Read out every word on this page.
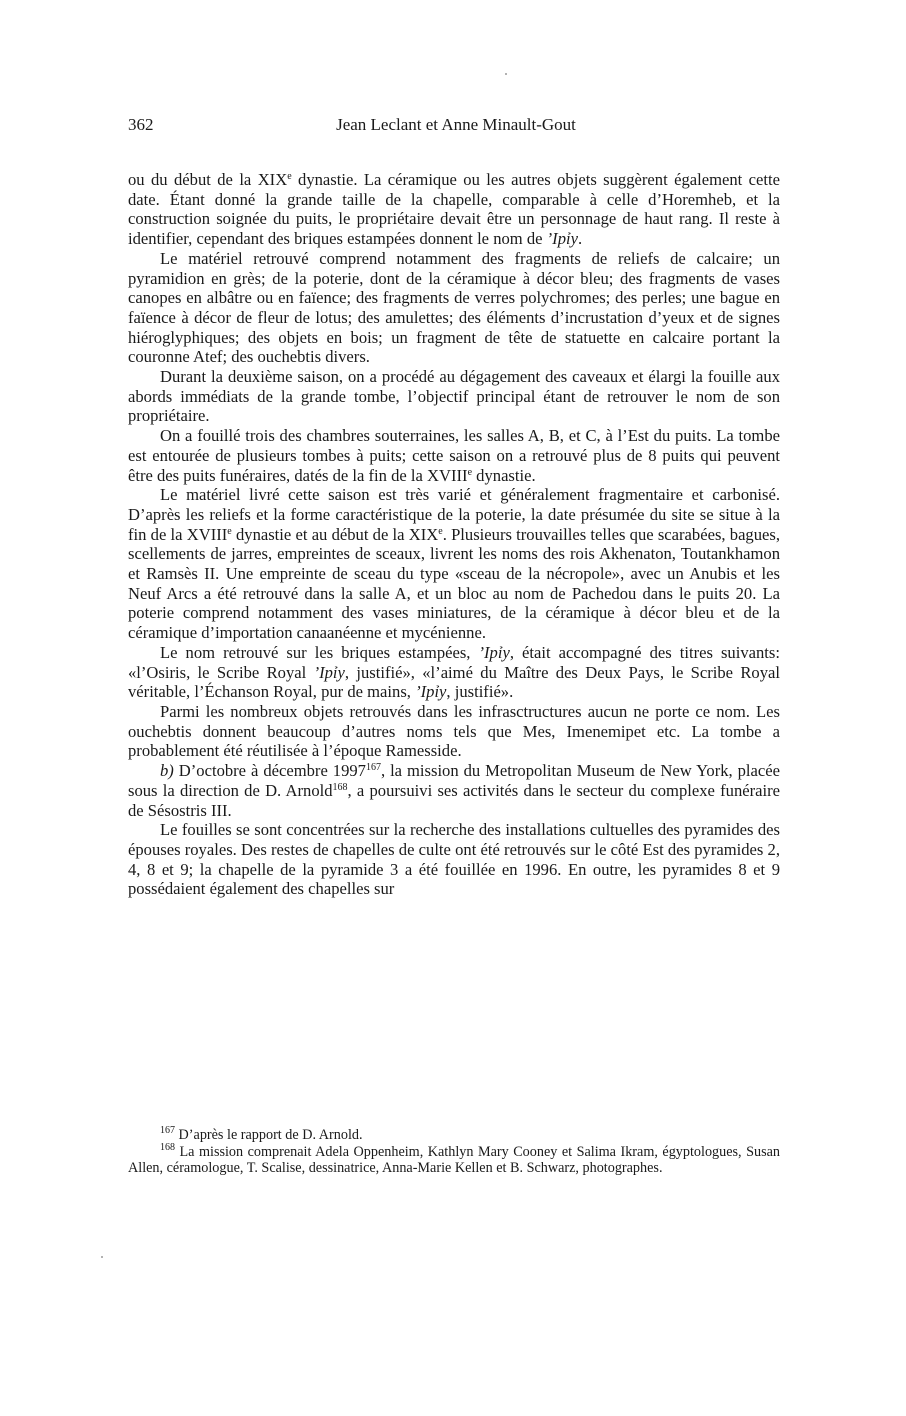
362	Jean Leclant et Anne Minault-Gout

ou du début de la XIXe dynastie. La céramique ou les autres objets suggèrent également cette date. Étant donné la grande taille de la chapelle, comparable à celle d’Horemheb, et la construction soignée du puits, le propriétaire devait être un personnage de haut rang. Il reste à identifier, cependant des briques estampées donnent le nom de ’Ipỉy.

Le matériel retrouvé comprend notamment des fragments de reliefs de calcaire; un pyramidion en grès; de la poterie, dont de la céramique à décor bleu; des fragments de vases canopes en albâtre ou en faïence; des fragments de verres polychromes; des perles; une bague en faïence à décor de fleur de lotus; des amulettes; des éléments d’incrustation d’yeux et de signes hiéroglyphiques; des objets en bois; un fragment de tête de statuette en calcaire portant la couronne Atef; des ouchebtis divers.

Durant la deuxième saison, on a procédé au dégagement des caveaux et élargi la fouille aux abords immédiats de la grande tombe, l’objectif principal étant de retrouver le nom de son propriétaire.

On a fouillé trois des chambres souterraines, les salles A, B, et C, à l’Est du puits. La tombe est entourée de plusieurs tombes à puits; cette saison on a retrouvé plus de 8 puits qui peuvent être des puits funéraires, datés de la fin de la XVIIIe dynastie.

Le matériel livré cette saison est très varié et généralement fragmentaire et carbonisé. D’après les reliefs et la forme caractéristique de la poterie, la date présumée du site se situe à la fin de la XVIIIe dynastie et au début de la XIXe. Plusieurs trouvailles telles que scarabées, bagues, scellements de jarres, empreintes de sceaux, livrent les noms des rois Akhenaton, Toutankhamon et Ramsès II. Une empreinte de sceau du type «sceau de la nécropole», avec un Anubis et les Neuf Arcs a été retrouvé dans la salle A, et un bloc au nom de Pachedou dans le puits 20. La poterie comprend notamment des vases miniatures, de la céramique à décor bleu et de la céramique d’importation canaanéenne et mycénienne.

Le nom retrouvé sur les briques estampées, ’Ipỉy, était accompagné des titres suivants: «l’Osiris, le Scribe Royal ’Ipỉy, justifié», «l’aimé du Maître des Deux Pays, le Scribe Royal véritable, l’Échanson Royal, pur de mains, ’Ipỉy, justifié».

Parmi les nombreux objets retrouvés dans les infrasctructures aucun ne porte ce nom. Les ouchebtis donnent beaucoup d’autres noms tels que Mes, Imenemipet etc. La tombe a probablement été réutilisée à l’époque Ramesside.

b) D’octobre à décembre 1997$^{167}$, la mission du Metropolitan Museum de New York, placée sous la direction de D. Arnold$^{168}$, a poursuivi ses activités dans le secteur du complexe funéraire de Sésostris III.

Le fouilles se sont concentrées sur la recherche des installations cultuelles des pyramides des épouses royales. Des restes de chapelles de culte ont été retrouvés sur le côté Est des pyramides 2, 4, 8 et 9; la chapelle de la pyramide 3 a été fouillée en 1996. En outre, les pyramides 8 et 9 possédaient également des chapelles sur

$^{167}$ D’après le rapport de D. Arnold.

$^{168}$ La mission comprenait Adela Oppenheim, Kathlyn Mary Cooney et Salima Ikram, égyptologues, Susan Allen, céramologue, T. Scalise, dessinatrice, Anna-Marie Kellen et B. Schwarz, photographes.
